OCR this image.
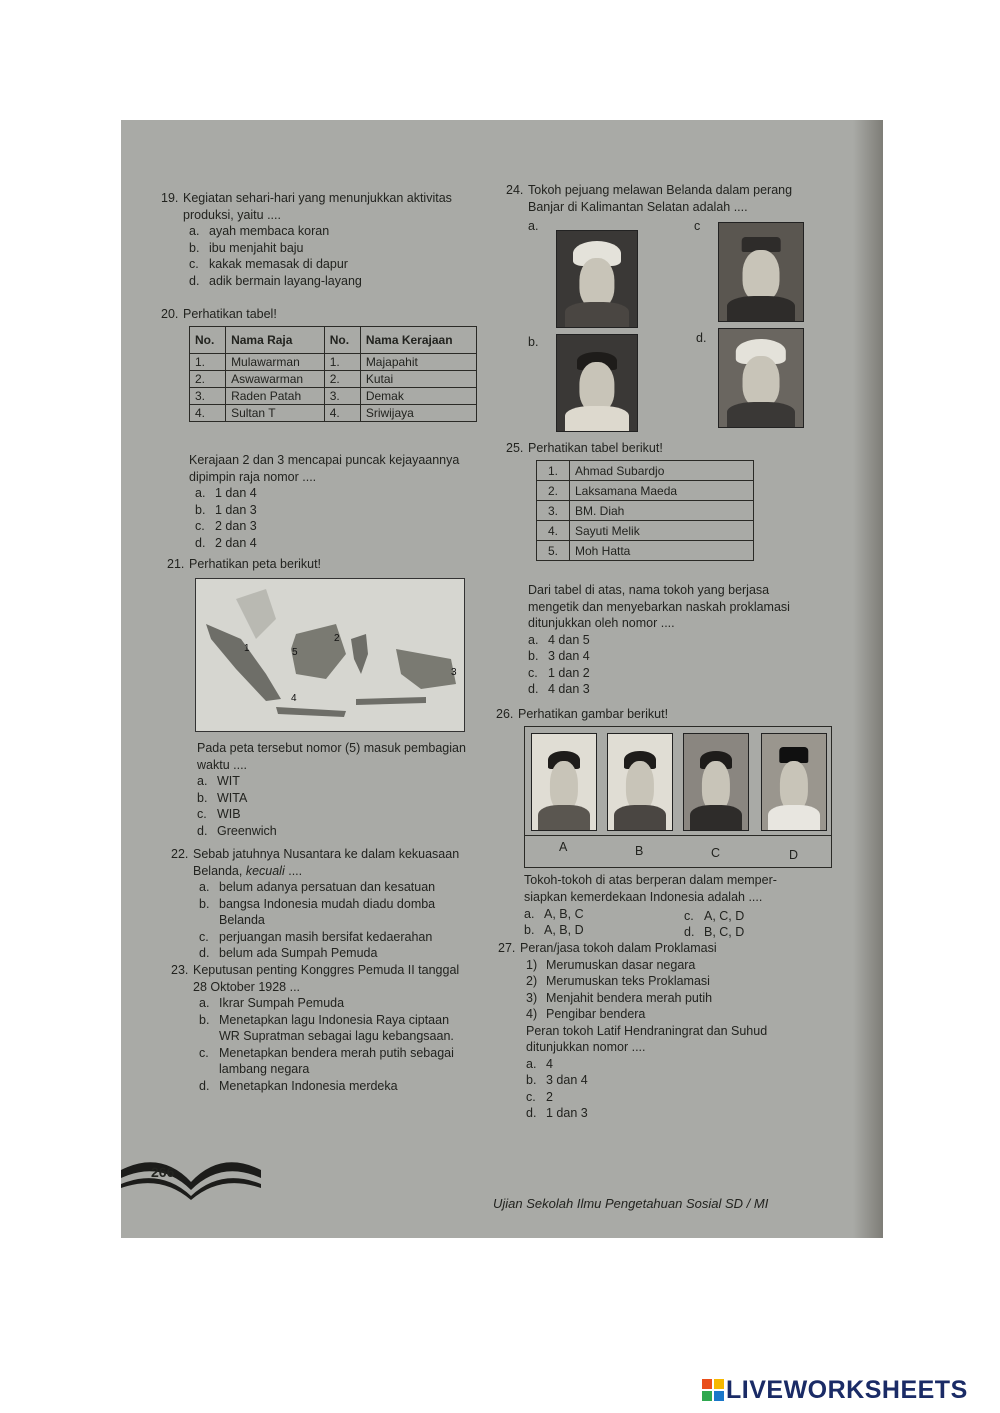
19. Kegiatan sehari-hari yang menunjukkan aktivitas
produksi, yaitu ....
a. ayah membaca koran
b. ibu menjahit baju
c. kakak memasak di dapur
d. adik bermain layang-layang
20. Perhatikan tabel!
No.	Nama Raja	No.	Nama Kerajaan
1.	Mulawarman	1.	Majapahit
2.	Aswawarman	2.	Kutai
3.	Raden Patah	3.	Demak
4.	Sultan T	4.	Sriwijaya
Kerajaan 2 dan 3 mencapai puncak kejayaannya
dipimpin raja nomor ....
a. 1 dan 4
b. 1 dan 3
c. 2 dan 3
d. 2 dan 4
21. Perhatikan peta berikut!
1
2
3
4
5
Pada peta tersebut nomor (5) masuk pembagian
waktu ....
a. WIT
b. WITA
c. WIB
d. Greenwich
22. Sebab jatuhnya Nusantara ke dalam kekuasaan
Belanda, kecuali ....
a. belum adanya persatuan dan kesatuan
b. bangsa Indonesia mudah diadu domba
Belanda
c. perjuangan masih bersifat kedaerahan
d. belum ada Sumpah Pemuda
23. Keputusan penting Konggres Pemuda II tanggal
28 Oktober 1928 ...
a. Ikrar Sumpah Pemuda
b. Menetapkan lagu Indonesia Raya ciptaan
WR Supratman sebagai lagu kebangsaan.
c. Menetapkan bendera merah putih sebagai
lambang negara
d. Menetapkan Indonesia merdeka
24. Tokoh pejuang melawan Belanda dalam perang
Banjar di Kalimantan Selatan adalah ....
a.	c
b.	d.
25. Perhatikan tabel berikut!
1.	Ahmad Subardjo
2.	Laksamana Maeda
3.	BM. Diah
4.	Sayuti Melik
5.	Moh Hatta
Dari tabel di atas, nama tokoh yang berjasa
mengetik dan menyebarkan naskah proklamasi
ditunjukkan oleh nomor ....
a. 4 dan 5
b. 3 dan 4
c. 1 dan 2
d. 4 dan 3
26. Perhatikan gambar berikut!
A	B	C	D
Tokoh-tokoh di atas berperan dalam memper-
siapkan kemerdekaan Indonesia adalah ....
a. A, B, C	c. A, C, D
b. A, B, D	d. B, C, D
27. Peran/jasa tokoh dalam Proklamasi
1) Merumuskan dasar negara
2) Merumuskan teks Proklamasi
3) Menjahit bendera merah putih
4) Pengibar bendera
Peran tokoh Latif Hendraningrat dan Suhud
ditunjukkan nomor ....
a. 4
b. 3 dan 4
c. 2
d. 1 dan 3
266
Ujian Sekolah Ilmu Pengetahuan Sosial SD / MI
LIVEWORKSHEETS
